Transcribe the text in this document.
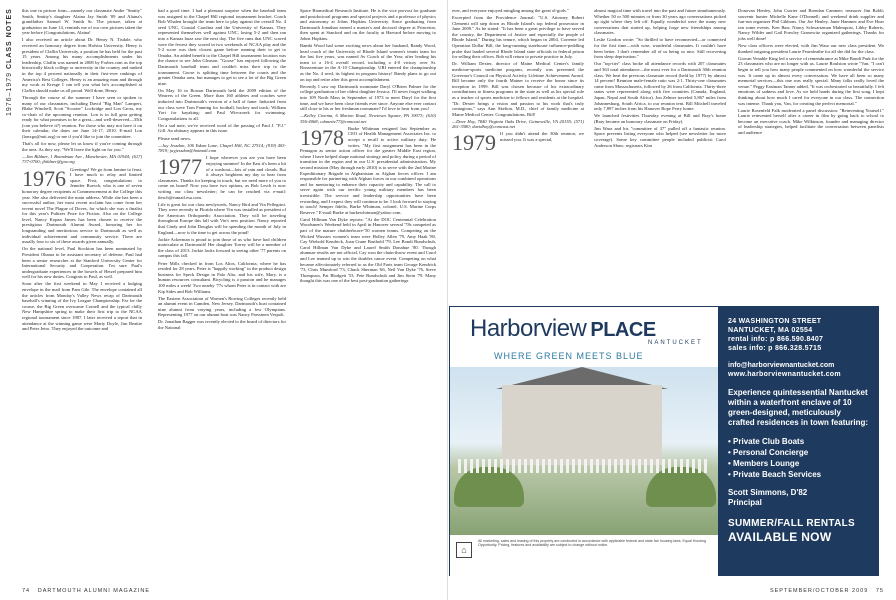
1976–1979 CLASS NOTES	this one in picture form—namely our classmate Andre "Smitty" Smith, Smitty's daughter Alaina Jay Smith '09 and Alaina's grandfather Samuel W. Smith Sr. The picture, taken at graduation on June 14, reminds me of our own pictures taken the year before (Congratulations, Alaina!

I also received an article about Dr. Henry N. Tisdale, who received an honorary degree from Hofstra University. Henry is president of Claflin University, a position he has held for the past 15 years. Among his many accomplishments under his leadership, Claflin was named in 2008 by Forbes.com as the top historically black college or university in the country and ranked in the top 4 percent nationally in their first-ever rankings of America's Best Colleges. Henry is an amazing man and through my work at Kresge I can tell you what he's accomplished at Claflin should make us all proud. Well done, Henry.

Through the course of the summer I have seen or spoken to many of our classmates, including David "Big Man" Lampert, Blake Winchell, Scott "Scooter" Lockridge and Lon Gross, my co-chair of the upcoming reunion. Lon is in full gear getting ready for what promises to be a great—and well-deserved—35th (can you believe it?) reunion. For those who may not have it on their calendar, the dates are June 14-17, 2010. E-mail Lon (lonxgo@mit.org) or me if you'd like to join the committee.

That's all for now, please let us know if you're coming through the area. As they say, "We'll leave the light on for you."

—Jim Bildner, 1 Boardman Ave., Manchester, MA 01944; (617) 737-0700; jbildner@jpw.org

1976 Greetings! We go from famine to feast. I have much to relay and limited space. First, congratulations to Jennifer Roesch, who is one of seven honorary degree recipients at Commencement at the College this year. She also delivered the main address. While she has been a successful author, her most recent acclaim has come from her recent novel The Plague of Doves, for which she was a finalist for this year's Pulitzer Prize for Fiction. Also on the College level, Nancy Kopan James has been chosen to receive the prestigious Dartmouth Alumni Award, honoring her for longstanding and meritorious service to Dartmouth as well as individual achievement and community service. There are usually four to six of these awards given annually.

On the national level, Paul Stockton has been nominated by President Obama to be assistant secretary of defense. Paul had been a senior researcher at the Stanford University Center for International Security and Cooperation. I'm sure Paul's undergraduate experiences in the bowels of Hetzel prepared him well for his new duties. Congrats to Paul, as well.

Soon after the first weekend in May I received a bulging envelope in the mail from Pam Gile. The envelope contained all the articles from Monday's Valley News recap of Dartmouth baseball's winning of the Ivy League Championship. Far for the course, the Big Green overcame Cornell and the typical chilly New Hampshire spring to make their first trip to the NCAA regional tournament since 1987. I later received a report that in attendance at the winning game were Marty Doyle, Jim Beattie and Peter Jetro. They enjoyed the outcome and

had a good time. I had a pleasant surprise when the baseball team was assigned to the Chapel Hill regional tournament bracket. Coach Bob Whalen brought the team here to play against the overall No. 4 seed UNC, Coastal Carolina and the University of Kansas. They represented themselves well against UNC, losing 5-2 and then ran into a Kansas buzz saw the next day. The five runs that UNC scored were the fewest they scored in two weekends of NCAA play and the 5-2 score was their closest game before running their to get to Omaha. An added benefit to the Chapel Hill tournament location was the chance to see John Gleason. "Goose" has enjoyed following the Dartmouth baseball team and couldn't miss their trip to the tournament. Goose is splitting time between the courts and the greater Omaha area, but manages to get to see a lot of the Big Green nine.

On May 16 in Boston Dartmouth held the 2009 edition of the Wearers of the Green. More than 160 athletes and coaches were inducted into Dartmouth's version of a hall of fame. Inducted from our class were Tom Fanning for football, hockey and track; William Yort for kayaking; and Paul Wieczorek for swimming. Congratulations to all.

On a sad note, we've received word of the passing of Paul J. "P.J." Gill. An obituary appears in this issue.

Please send news.

—Jay Jessdon, 106 Yukon Lane, Chapel Hill, NC 27514; (919) 403-7819; jayjessdon@hotmail.com

1977 I hope wherever you are you have been enjoying summer! In the East it's been a bit of a washout—lots of rain and clouds. But it always brightens my day to hear from classmates. Thanks for keeping in touch, but we need more of you to come on board! Now you have two options, as Bob Lesch is now writing our class newsletter; he can be reached via e-mail: tlesch@rumail.esa.com.

Life is great for our class newlyweds, Nancy Bird and Vin Pellegrini. They were recently in Florida where Vin was installed as president of the American Orthopaedic Association. They will be traveling throughout Europe this fall with Vin's new position. Nancy reported that Cindy and John Douglas will be spending the month of July in England—now is the time to get across the pond!

Jackie Ackerman is proud to join those of us who have had children matriculate at Dartmouth! Her daughter Torrey will be a member of the class of 2013. Jackie looks forward to seeing other '77 parents on campus this fall.

Peter Mills checked in from Los Altos, California, where he has resided for 28 years. Peter is "happily working" in the product design business for Speck Design in Palo Alto, and his wife, Mary, is a human resources consultant. Bicycling is a passion and he manages 100 miles a week! Two nearby '77s whom Peter is in contact with are Kip Sides and Bob Williams.

The Eastern Association of Women's Rowing Colleges recently held an alumni event in Camden, New Jersey. Dartmouth's boat contained nine alumni from varying years, including a few Olympians. Representing 1977 on our alumni boat was Nancy Parssinen Vespoli.

Dr. Jonathan Bagger was recently elected to the board of directors for the National

Space Biomedical Research Institute. He is the vice provost for graduate and postdoctoral programs and special projects and a professor of physics and astronomy at Johns Hopkins University. Since graduating from Dartmouth Jonathan earned a master's and doctoral degree at Princeton, then spent at Stanford and on the faculty at Harvard before moving to Johns Hopkins.

Bambi Wood had some exciting news about her husband, Randy Wood, head coach of the University of Rhode Island women's tennis team for the last five years, was named Av Coach of the Year, after leading his team to a 16-4 overall record, including a 4-0 victory over St. Bonaventure in the A-10 Championship. URI entered the championship as the No. 4 seed, its highest in program history! Randy plans to go out on top and retire after this great accomplishment.

Recently I saw my Dartmouth roommate Daryl O'Brien Palmer for the college graduation of her oldest daughter Jessica. I'll never forget walking into 109 North Mass in September of 1973 to meet Daryl for the first time, and we have been close friends ever since. Anyone else ever contact still close to his or her freshman roommate? I'd love to hear from you!

—Kelley Cinema, 6 Marion Road, Newtown Square, PA 19073; (610) 356-4068; cdnnette77@comcast.net

1978 Burke Whitman resigned last September as CEO of Health Management Associates Inc. to accept a recall to active military duty. He writes, "My first assignment has been in the Pentagon as senior action officer for the greater Middle East region, where I have helped shape national strategy and policy during a period of transition in the region and in our U.S. presidential administration. My second mission (May through early 2010) is to serve with the 2nd Marine Expeditionary Brigade in Afghanistan as Afghan forces officer. I am responsible for partnering with Afghan forces in our combined operations and for mentoring to enhance their capacity and capability. The call to serve again with our terrific young military members has been irresistible. The service and leadership opportunities have been rewarding, and I expect they will continue to be. I look forward to staying in touch! Semper fidelis, Burke Whitman, colonel, U.S. Marine Corps Reserve." E-mail Burke at burkewhitman@yahoo.com.

Carol Hillman Van Dyke reports: "At the DOC Centennial Celebration Woodsmen's Weekend held in April in Hanover several '78s competed as part of the mature chubberbcore-'50 women teams. Competing on the Wicked Wussies women's team were Holley Allen '79, Amy Haak '80, Cay Wiebold Kendrick, Joan Crane Barthold '79, Lee Bondi Bundschuh, Carol Hillman Van Dyke and Laurel Smith Donahue '80. Though alumnae results are not official, Cay won the chain-throw event and Carol and Lee teamed up to win the doubles canoe event. Competing on what became affectionately referred to as the Old Farts team George Kendrick '73, Chris Mumford '73, Chuck Sherman '66, Neil Van Dyke '76, Steve Thompson, Pat Blodgett '53, Pete Bundschuh and Jim Stein '79. Many thought this was one of the best post-graduation gatherings

74 DARTMOUTH ALUMNI MAGAZINE

ever, and everyone enjoyed mingling among the great ol-gods."

Excerpted from the Providence Journal: "U.S. Attorney Robert Clementi will step down as Rhode Island's top federal prosecutor in June 2009." As he stated: "It has been a great privilege to have served the country, the Department of Justice and especially the people of Rhode Island." During his tenure, which began in 2004, Corrente led Operation Dollar Bill, the long-running statehouse influence-peddling probe that landed several Rhode Island state officials in federal prison for selling their offices. Bob will return to private practice in July.

Dr. William Dexter, director of Maine Medical Center's family medicine-sports medicine program, recently was presented the Governor's Council on Physical Activity Lifetime Achievement Award. Bill became only the fourth Mainer to receive the honor since its inception in 1999. Bill was chosen because of his extraordinary contributions to fitness programs in the state as well as his special role as a teacher of sports medicine to fellows and residents at the hospital. "Dr. Dexter brings a vision and passion to his work that's truly contagious," says Ann Skelton, M.D., chief of family medicine at Maine Medical Center. Congratulations, Bill!

—Dave Hoy, 7840 Virginia Oaks Drive, Gainesville, VA 20155; (571) 261-3580; davidhoy@comcast.net

1979 If you didn't attend the 30th reunion, we missed you. It was a special,

almost magical time with travel into the past and future simultaneously. Whether 50 or 500 minutes or from 30 years ago conversations picked up right where they left off. Equally wonderful were the many new conversations that started up, helping forge new friendships among classmates.

Leslie Gordon wrote: "So thrilled to have reconnected—or connected for the first time—with wise, wonderful classmates. It couldn't have been better. I don't remember all of us being so nice. Still recovering from sleep deprivation."

Our "top-tier" class broke all attendance records with 207 classmates and 363 total attendance—the most ever for a Dartmouth 30th reunion class. We beat the previous classmate record (held by 1977) by almost 14 percent! Reunion male-female ratio was 2:1. Thirty-one classmates came from Massachusetts, followed by 26 from California. Thirty-three states were represented along with five countries (Canada, England, Japan, Nepal and South Africa). Jon Zehner traveled 5,867 miles from Johannesburg, South Africa, to our reunion tent. Bill Mitchell traveled only 7,897 inches from his Hanover Rope Ferry home.

We launched festivities Thursday evening at Bill and Bray's home (Bray became an honorary classmate on Friday).

Jim Wasz and his "committee of 37" pulled off a fantastic reunion. Space prevents listing everyone who helped (see newsletter for more coverage). Some key committee people included publicist Carol Anderson Shaw; registrars Kim

Donovan Henley, John Currier and Brendan Cammer; treasurer Jim Boldt; souvenir hunter Michelle Kane O'Donnell; and weekend drink supplier and fun-run organizer Phil Gibbons. Our Joe Henley, Janie Hammer and Eve Hoar ran some events. Ken Barr, Nancy Schwartzman Malmquist, Libby Roberts, Nancy Wilder and Gail Frawley Granowitz organized gatherings. Thanks for jobs well done!

New class officers were elected, with Jim Wasz our new class president. We thanked outgoing president Laurie Fearnleathe for all she did for the class.

Giovan Venable King led a service of remembrance at Mike Bondi Park for the 23 classmates who are no longer with us. Laurie Roulston wrote "Van, "I can't begin to tell you how many people commented on how wonderful the service was. It came up in almost every conversation. We have all been so many memorial services—this one was really special. Many folks really loved the venue." Peggy Eastman Tanner added, "It was orchestrated so beautifully. I felt emotions of sadness and love. As we held hands during the first song, I kept thinking about how much I cared for everyone in our class. The connection was intense. Thank you, Van, for creating the perfect memorial."

Laurie Rosenfeld Falk moderated a panel discussion: "Reinventing Yourself." Laurie reinvented herself after a career in film by going back to school to become an executive coach. Mike Wilkinson, founder and managing director of leadership strategies, helped facilitate the conversation between panelists and audience

SEPTEMBER/OCTOBER 2009 75
Harborview PLACE
NANTUCKET
WHERE GREEN MEETS BLUE
⌂
All marketing, sales and leasing of this property are conducted in accordance with applicable federal and state fair housing laws. Equal Housing Opportunity. Pricing, features and availability are subject to change without notice.
24 WASHINGTON STREET
NANTUCKET, MA 02554
rental info: p 866.590.8407
sales info: p 866.328.5715
info@harborviewnantucket.com
www.harborviewnantucket.com
Experience quintessential Nantucket within a waterfront enclave of 10 green-designed, meticulously crafted residences in town featuring:
• Private Club Boats
• Personal Concierge
• Members Lounge
• Private Beach Services
Scott Simmons, D'82
Principal
SUMMER/FALL RENTALS
AVAILABLE NOW
